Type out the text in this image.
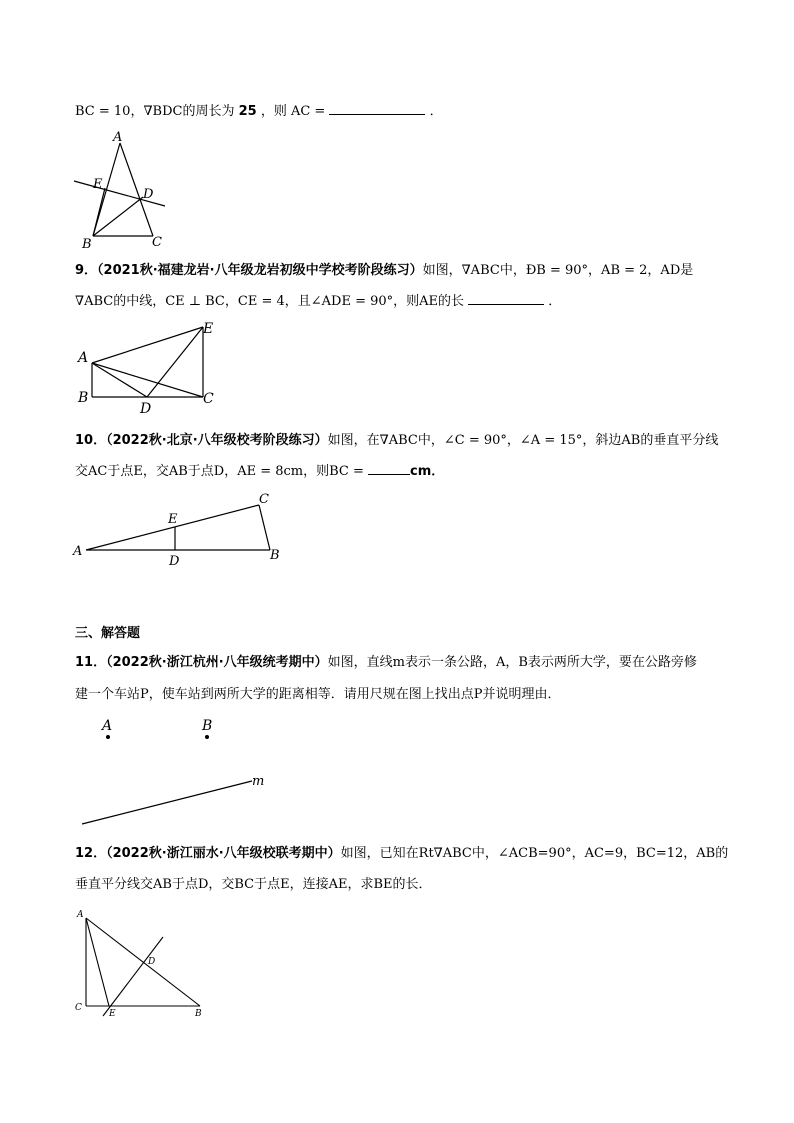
BC = 10，∇BDC的周长为 25 ，则 AC =	．
A
E
D
B	C
9．（2021秋·福建龙岩·八年级龙岩初级中学校考阶段练习）如图，∇ABC中，ÐB = 90°，AB = 2，AD是
∇ABC的中线，CE ⊥ BC，CE = 4，且∠ADE = 90°，则AE的长	．
A
E
B
D
C
10．（2022秋·北京·八年级校考阶段练习）如图，在∇ABC中，∠C = 90°，∠A = 15°，斜边AB的垂直平分线
交AC于点E，交AB于点D，AE = 8cm，则BC =	cm．
A
E
C
D	B
三、解答题
11．（2022秋·浙江杭州·八年级统考期中）如图，直线m表示一条公路，A，B表示两所大学，要在公路旁修
建一个车站P，使车站到两所大学的距离相等．请用尺规在图上找出点P并说明理由．
A	B
m
12．（2022秋·浙江丽水·八年级校联考期中）如图，已知在Rt∇ABC中，∠ACB=90°，AC=9，BC=12，AB的
垂直平分线交AB于点D，交BC于点E，连接AE，求BE的长．
A
D
C
E	B
